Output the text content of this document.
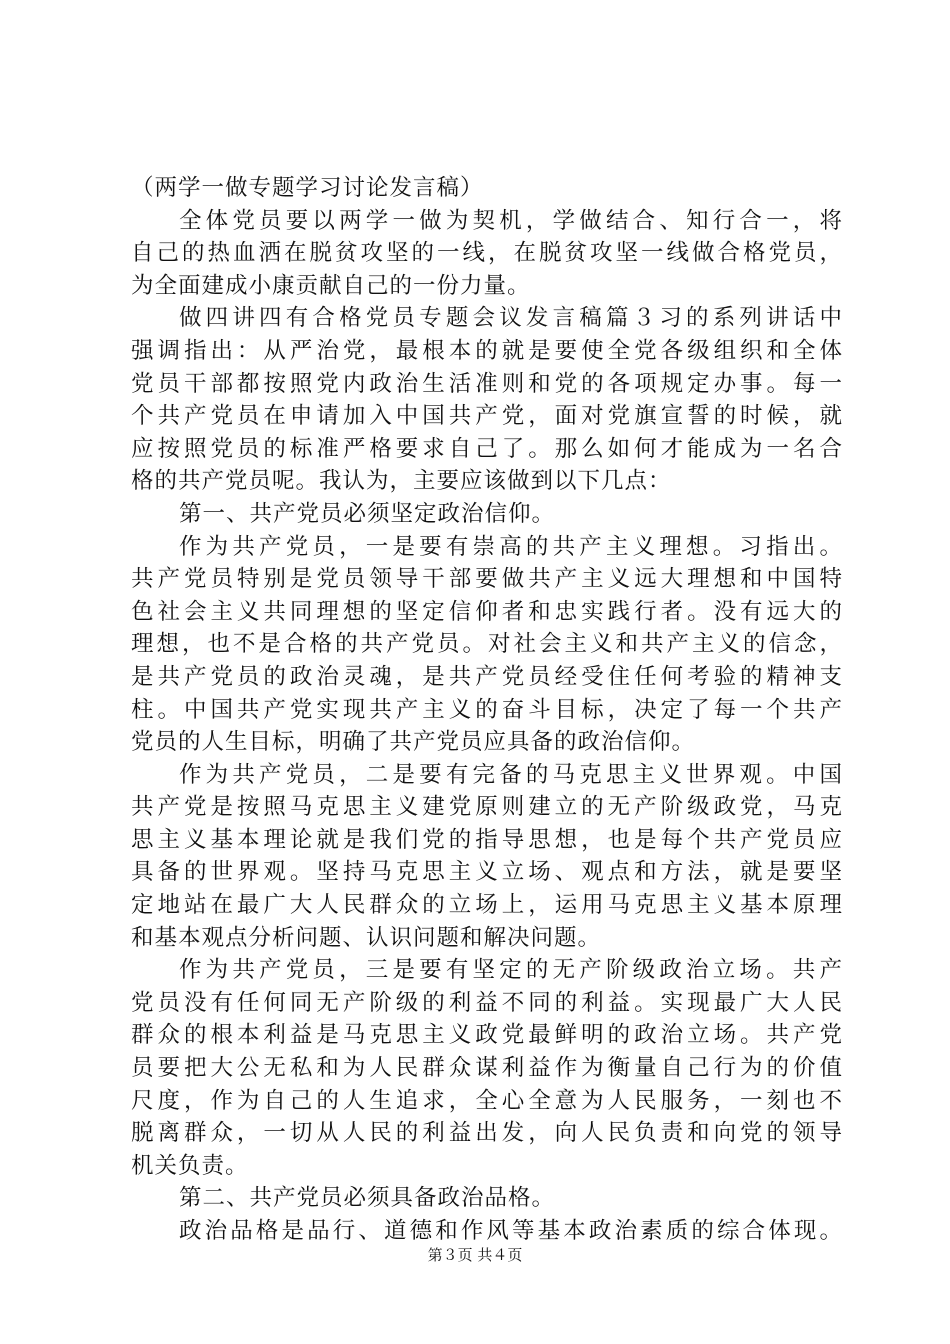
（两学一做专题学习讨论发言稿）
全体党员要以两学一做为契机，学做结合、知行合一，将
自己的热血洒在脱贫攻坚的一线，在脱贫攻坚一线做合格党员，
为全面建成小康贡献自己的一份力量。
做四讲四有合格党员专题会议发言稿篇３习的系列讲话中
强调指出：从严治党，最根本的就是要使全党各级组织和全体
党员干部都按照党内政治生活准则和党的各项规定办事。每一
个共产党员在申请加入中国共产党，面对党旗宣誓的时候，就
应按照党员的标准严格要求自己了。那么如何才能成为一名合
格的共产党员呢。我认为，主要应该做到以下几点：
第一、共产党员必须坚定政治信仰。
作为共产党员，一是要有崇高的共产主义理想。习指出。
共产党员特别是党员领导干部要做共产主义远大理想和中国特
色社会主义共同理想的坚定信仰者和忠实践行者。没有远大的
理想，也不是合格的共产党员。对社会主义和共产主义的信念，
是共产党员的政治灵魂，是共产党员经受住任何考验的精神支
柱。中国共产党实现共产主义的奋斗目标，决定了每一个共产
党员的人生目标，明确了共产党员应具备的政治信仰。
作为共产党员，二是要有完备的马克思主义世界观。中国
共产党是按照马克思主义建党原则建立的无产阶级政党，马克
思主义基本理论就是我们党的指导思想，也是每个共产党员应
具备的世界观。坚持马克思主义立场、观点和方法，就是要坚
定地站在最广大人民群众的立场上，运用马克思主义基本原理
和基本观点分析问题、认识问题和解决问题。
作为共产党员，三是要有坚定的无产阶级政治立场。共产
党员没有任何同无产阶级的利益不同的利益。实现最广大人民
群众的根本利益是马克思主义政党最鲜明的政治立场。共产党
员要把大公无私和为人民群众谋利益作为衡量自己行为的价值
尺度，作为自己的人生追求，全心全意为人民服务，一刻也不
脱离群众，一切从人民的利益出发，向人民负责和向党的领导
机关负责。
第二、共产党员必须具备政治品格。
政治品格是品行、道德和作风等基本政治素质的综合体现。
第３页 共４页
